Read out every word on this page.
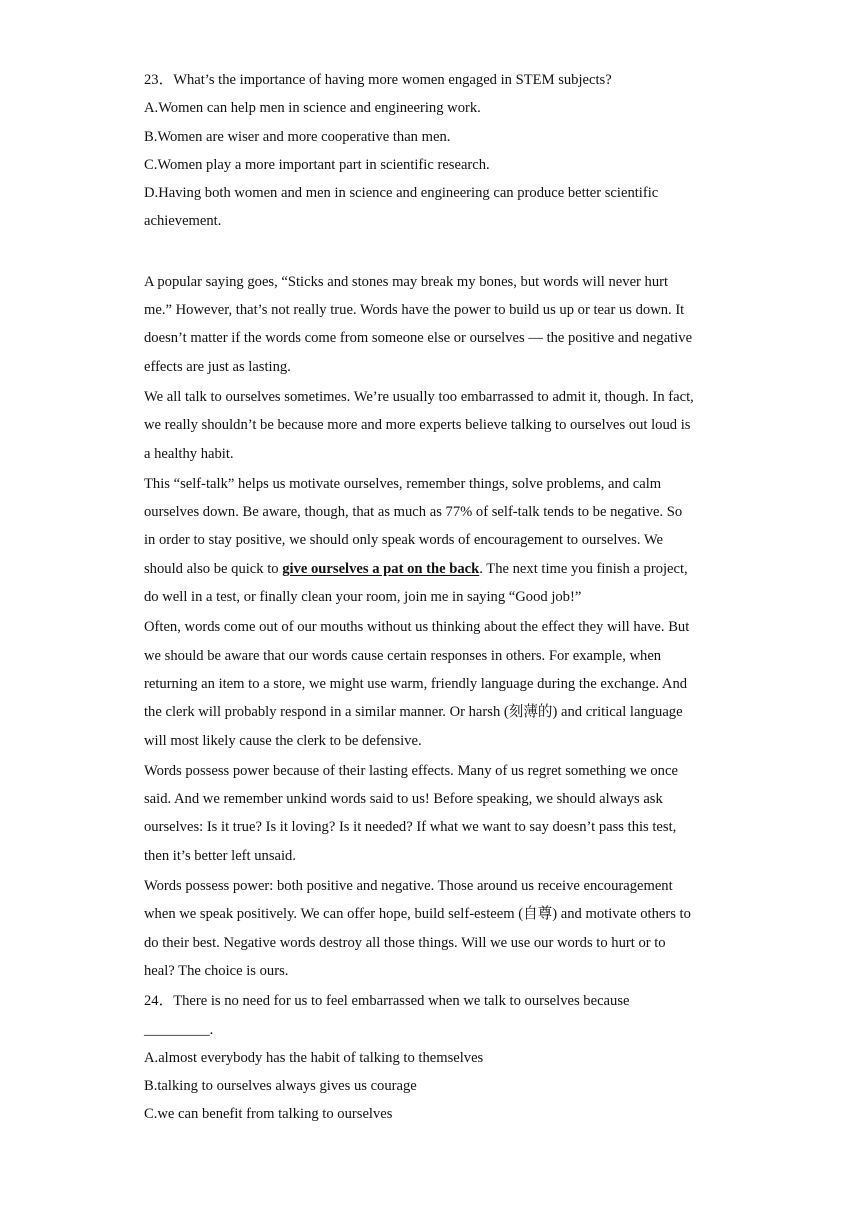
23．What’s the importance of having more women engaged in STEM subjects?
A.Women can help men in science and engineering work.
B.Women are wiser and more cooperative than men.
C.Women play a more important part in scientific research.
D.Having both women and men in science and engineering can produce better scientific
achievement.
A popular saying goes, “Sticks and stones may break my bones, but words will never hurt
me.” However, that’s not really true. Words have the power to build us up or tear us down. It
doesn’t matter if the words come from someone else or ourselves — the positive and negative
effects are just as lasting.
We all talk to ourselves sometimes. We’re usually too embarrassed to admit it, though. In fact,
we really shouldn’t be because more and more experts believe talking to ourselves out loud is
a healthy habit.
This “self-talk” helps us motivate ourselves, remember things, solve problems, and calm
ourselves down. Be aware, though, that as much as 77% of self-talk tends to be negative. So
in order to stay positive, we should only speak words of encouragement to ourselves. We
should also be quick to give ourselves a pat on the back. The next time you finish a project,
do well in a test, or finally clean your room, join me in saying “Good job!”
Often, words come out of our mouths without us thinking about the effect they will have. But
we should be aware that our words cause certain responses in others. For example, when
returning an item to a store, we might use warm, friendly language during the exchange. And
the clerk will probably respond in a similar manner. Or harsh (刻薄的) and critical language
will most likely cause the clerk to be defensive.
Words possess power because of their lasting effects. Many of us regret something we once
said. And we remember unkind words said to us! Before speaking, we should always ask
ourselves: Is it true? Is it loving? Is it needed? If what we want to say doesn’t pass this test,
then it’s better left unsaid.
Words possess power: both positive and negative. Those around us receive encouragement
when we speak positively. We can offer hope, build self-esteem (自尊) and motivate others to
do their best. Negative words destroy all those things. Will we use our words to hurt or to
heal? The choice is ours.
24．There is no need for us to feel embarrassed when we talk to ourselves because
_________.
A.almost everybody has the habit of talking to themselves
B.talking to ourselves always gives us courage
C.we can benefit from talking to ourselves
